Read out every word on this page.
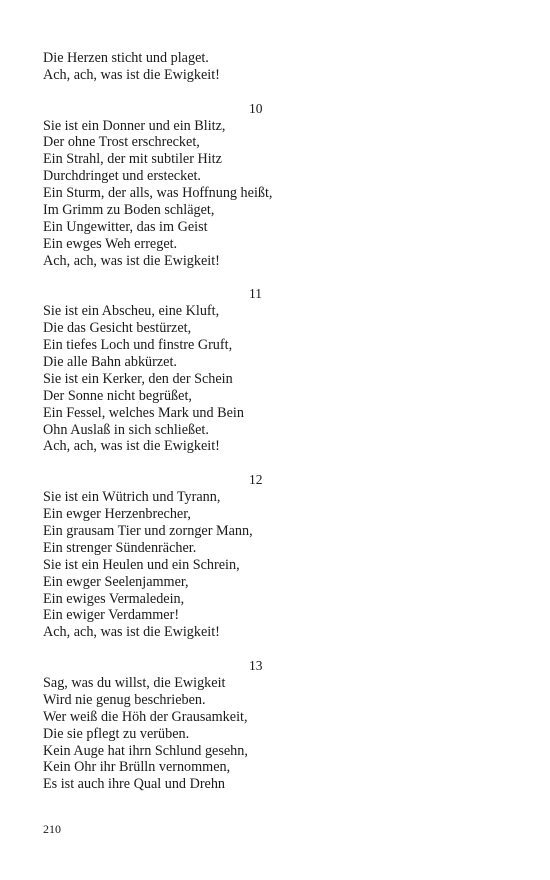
Die Herzen sticht und plaget.
Ach, ach, was ist die Ewigkeit!
10
Sie ist ein Donner und ein Blitz,
Der ohne Trost erschrecket,
Ein Strahl, der mit subtiler Hitz
Durchdringet und erstecket.
Ein Sturm, der alls, was Hoffnung heißt,
Im Grimm zu Boden schläget,
Ein Ungewitter, das im Geist
Ein ewges Weh erreget.
Ach, ach, was ist die Ewigkeit!
11
Sie ist ein Abscheu, eine Kluft,
Die das Gesicht bestürzet,
Ein tiefes Loch und finstre Gruft,
Die alle Bahn abkürzet.
Sie ist ein Kerker, den der Schein
Der Sonne nicht begrüßet,
Ein Fessel, welches Mark und Bein
Ohn Auslaß in sich schließet.
Ach, ach, was ist die Ewigkeit!
12
Sie ist ein Wütrich und Tyrann,
Ein ewger Herzenbrecher,
Ein grausam Tier und zornger Mann,
Ein strenger Sündenrächer.
Sie ist ein Heulen und ein Schrein,
Ein ewger Seelenjammer,
Ein ewiges Vermaledein,
Ein ewiger Verdammer!
Ach, ach, was ist die Ewigkeit!
13
Sag, was du willst, die Ewigkeit
Wird nie genug beschrieben.
Wer weiß die Höh der Grausamkeit,
Die sie pflegt zu verüben.
Kein Auge hat ihrn Schlund gesehn,
Kein Ohr ihr Brülln vernommen,
Es ist auch ihre Qual und Drehn
210
